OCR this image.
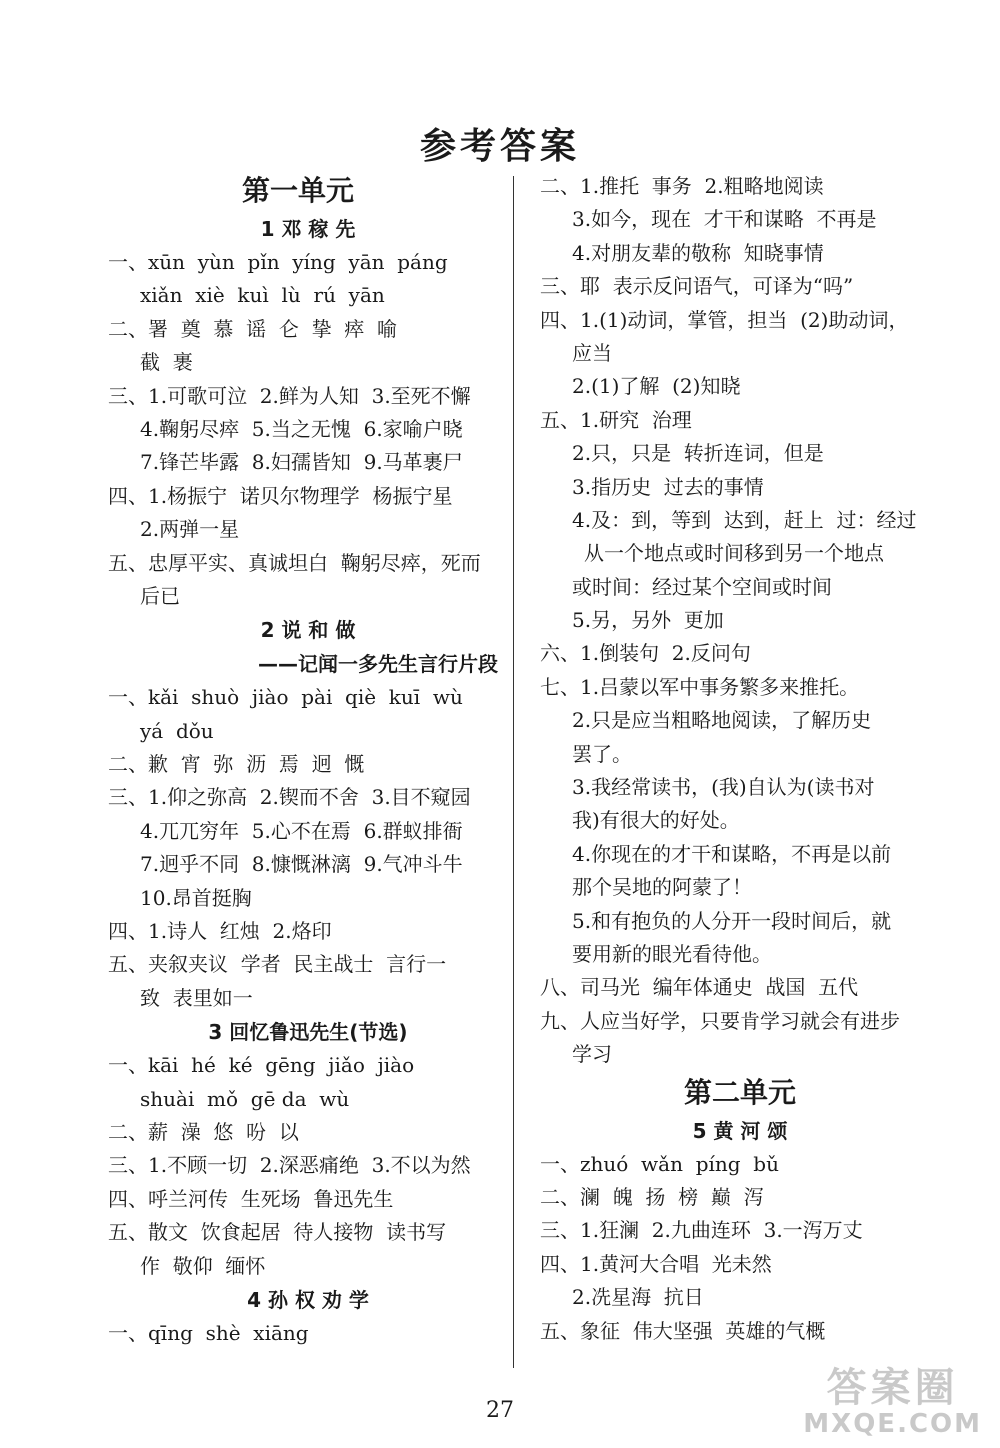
参考答案
第一单元
1 邓 稼 先
一、xūn  yùn  pǐn  yíng  yān  páng
xiǎn  xiè  kuì  lù  rú  yān
二、署  奠  慕  谣  仑  挚  瘁  喻
截  裹
三、1.可歌可泣  2.鲜为人知  3.至死不懈
4.鞠躬尽瘁  5.当之无愧  6.家喻户晓
7.锋芒毕露  8.妇孺皆知  9.马革裹尸
四、1.杨振宁  诺贝尔物理学  杨振宁星
2.两弹一星
五、忠厚平实、真诚坦白  鞠躬尽瘁，死而
后已
2 说 和 做
——记闻一多先生言行片段
一、kǎi  shuò  jiào  pài  qiè  kuī  wù
yá  dǒu
二、歉  宵  弥  沥  焉  迥  慨
三、1.仰之弥高  2.锲而不舍  3.目不窥园
4.兀兀穷年  5.心不在焉  6.群蚁排衙
7.迥乎不同  8.慷慨淋漓  9.气冲斗牛
10.昂首挺胸
四、1.诗人  红烛  2.烙印
五、夹叙夹议  学者  民主战士  言行一
致  表里如一
3 回忆鲁迅先生(节选)
一、kāi  hé  ké  gēng  jiǎo  jiào
shuài  mǒ  gē da  wù
二、薪  澡  悠  吩  以
三、1.不顾一切  2.深恶痛绝  3.不以为然
四、呼兰河传  生死场  鲁迅先生
五、散文  饮食起居  待人接物  读书写
作  敬仰  缅怀
4 孙 权 劝 学
一、qīng  shè  xiāng
二、1.推托  事务  2.粗略地阅读
3.如今，现在  才干和谋略  不再是
4.对朋友辈的敬称  知晓事情
三、耶  表示反问语气，可译为“吗”
四、1.(1)动词，掌管，担当  (2)助动词，
应当
2.(1)了解  (2)知晓
五、1.研究  治理
2.只，只是  转折连词，但是
3.指历史  过去的事情
4.及：到，等到  达到，赶上  过：经过
从一个地点或时间移到另一个地点
或时间：经过某个空间或时间
5.另，另外  更加
六、1.倒装句  2.反问句
七、1.吕蒙以军中事务繁多来推托。
2.只是应当粗略地阅读，了解历史
罢了。
3.我经常读书，(我)自认为(读书对
我)有很大的好处。
4.你现在的才干和谋略，不再是以前
那个吴地的阿蒙了！
5.和有抱负的人分开一段时间后，就
要用新的眼光看待他。
八、司马光  编年体通史  战国  五代
九、人应当好学，只要肯学习就会有进步
学习
第二单元
5 黄 河 颂
一、zhuó  wǎn  píng  bǔ
二、澜  魄  扬  榜  巅  泻
三、1.狂澜  2.九曲连环  3.一泻万丈
四、1.黄河大合唱  光未然
2.冼星海  抗日
五、象征  伟大坚强  英雄的气概
27	答案圈
MXQE.COM
